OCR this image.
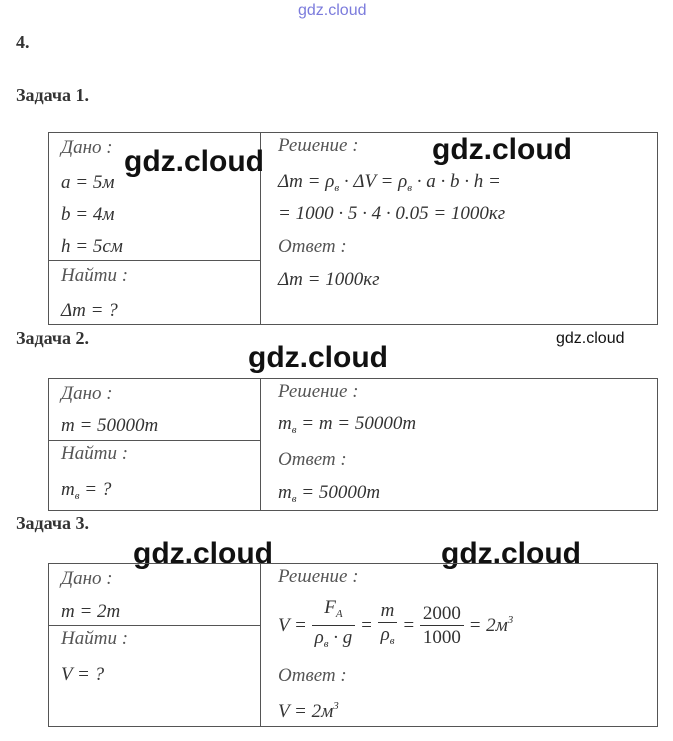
gdz.cloud
4.
Задача 1.
Дано :
a = 5м
b = 4м
h = 5см
Найти :
Δm = ?
Решение :
$\Delta m = \rho_в \cdot \Delta V = \rho_в \cdot a \cdot b \cdot h$ =
= 1000 · 5 · 4 · 0.05 = 1000кг
Ответ :
Δm = 1000кг
gdz.cloud	gdz.cloud
Задача 2.	gdz.cloud
gdz.cloud
Дано :
m = 50000т
Найти :
$m_в$ = ?
Решение :
$m_в = m = 50000т$
Ответ :
$m_в = 50000т$
Задача 3.
gdz.cloud	gdz.cloud
Дано :
m = 2т
Найти :
V = ?
Решение :
$V = \frac{F_A}{\rho_в \cdot g} = \frac{m}{\rho_в} = \frac{2000}{1000} = 2м^3$
Ответ :
$V = 2м^3$
